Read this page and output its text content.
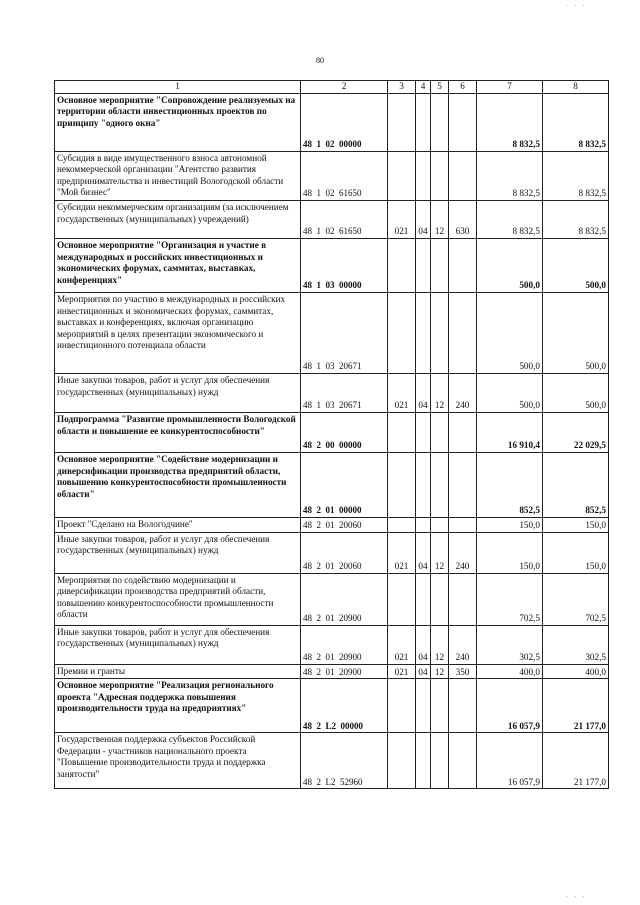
· · ·
80
1	2	3	4	5	6	7	8
Основное мероприятие "Сопровождение реализуемых на территории области инвестиционных проектов по принципу "одного окна"	48  1  02  00000					8 832,5	8 832,5
Субсидия в виде имущественного взноса автономной некоммерческой организации "Агентство развития предпринимательства и инвестиций Вологодской области "Мой бизнес"	48  1  02  61650					8 832,5	8 832,5
Субсидии некоммерческим организациям (за исключением государственных (муниципальных) учреждений)	48  1  02  61650	021	04	12	630	8 832,5	8 832,5
Основное мероприятие "Организация и участие в международных и российских инвестиционных и экономических форумах, саммитах, выставках, конференциях"	48  1  03  00000					500,0	500,0
Мероприятия по участию в международных и российских инвестиционных и экономических форумах, саммитах, выставках и конференциях, включая организацию мероприятий в целях презентации экономического и инвестиционного потенциала области	48  1  03  20671					500,0	500,0
Иные закупки товаров, работ и услуг для обеспечения государственных (муниципальных) нужд	48  1  03  20671	021	04	12	240	500,0	500,0
Подпрограмма "Развитие промышленности Вологодской области и повышение ее конкурентоспособности"	48  2  00  00000					16 910,4	22 029,5
Основное мероприятие "Содействие модернизации и диверсификации производства предприятий области, повышению конкурентоспособности промышленности области"	48  2  01  00000					852,5	852,5
Проект "Сделано на Вологодчине"	48  2  01  20060					150,0	150,0
Иные закупки товаров, работ и услуг для обеспечения государственных (муниципальных) нужд	48  2  01  20060	021	04	12	240	150,0	150,0
Мероприятия по содействию модернизации и диверсификации производства предприятий области, повышению конкурентоспособности промышленности области	48  2  01  20900					702,5	702,5
Иные закупки товаров, работ и услуг для обеспечения государственных (муниципальных) нужд	48  2  01  20900	021	04	12	240	302,5	302,5
Премии и гранты	48  2  01  20900	021	04	12	350	400,0	400,0
Основное мероприятие "Реализация регионального проекта "Адресная поддержка повышения производительности труда на предприятиях"	48  2  L2  00000					16 057,9	21 177,0
Государственная поддержка субъектов Российской Федерации - участников национального проекта "Повышение производительности труда и поддержка занятости"	48  2  L2  52960					16 057,9	21 177,0
· · ·
